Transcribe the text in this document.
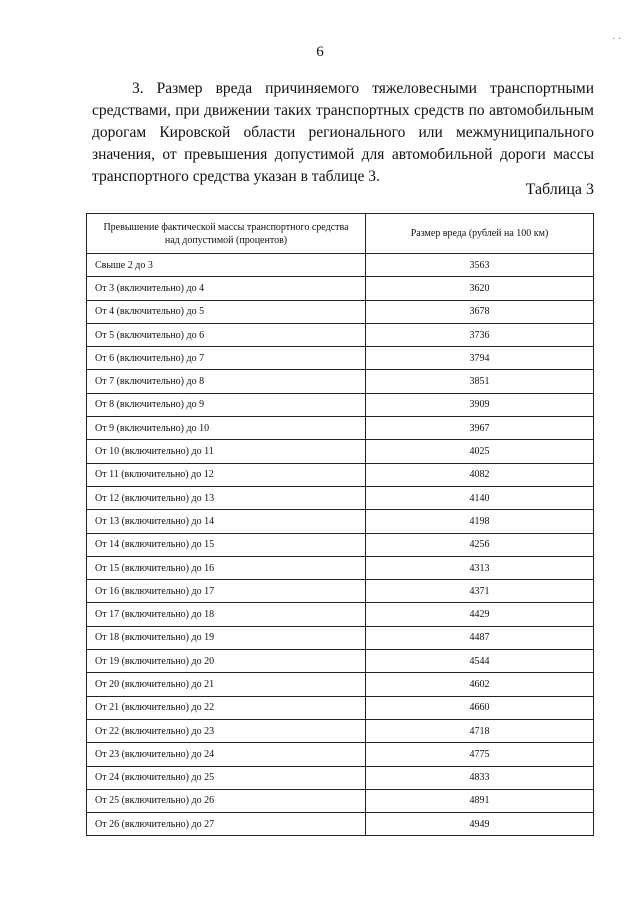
6

3. Размер вреда причиняемого тяжеловесными транспортными средствами, при движении таких транспортных средств по автомобильным дорогам Кировской области регионального или межмуниципального значения, от превышения допустимой для автомобильной дороги массы транспортного средства указан в таблице 3.

Таблица 3
Превышение фактической массы транспортного средства над допустимой (процентов)	Размер вреда (рублей на 100 км)
Свыше 2 до 3	3563
От 3 (включительно) до 4	3620
От 4 (включительно) до 5	3678
От 5 (включительно) до 6	3736
От 6 (включительно) до 7	3794
От 7 (включительно) до 8	3851
От 8 (включительно) до 9	3909
От 9 (включительно) до 10	3967
От 10 (включительно) до 11	4025
От 11 (включительно) до 12	4082
От 12 (включительно) до 13	4140
От 13 (включительно) до 14	4198
От 14 (включительно) до 15	4256
От 15 (включительно) до 16	4313
От 16 (включительно) до 17	4371
От 17 (включительно) до 18	4429
От 18 (включительно) до 19	4487
От 19 (включительно) до 20	4544
От 20 (включительно) до 21	4602
От 21 (включительно) до 22	4660
От 22 (включительно) до 23	4718
От 23 (включительно) до 24	4775
От 24 (включительно) до 25	4833
От 25 (включительно) до 26	4891
От 26 (включительно) до 27	4949
· ·
